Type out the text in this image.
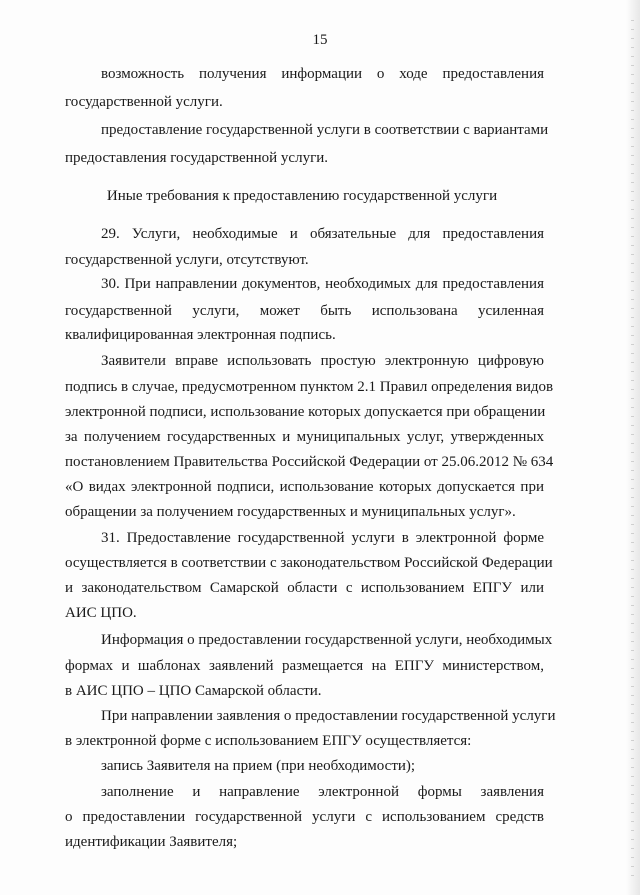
15
возможность получения информации о ходе предоставления
государственной услуги.
предоставление государственной услуги в соответствии с вариантами
предоставления государственной услуги.
Иные требования к предоставлению государственной услуги
29. Услуги, необходимые и обязательные для предоставления
государственной услуги, отсутствуют.
30. При направлении документов, необходимых для предоставления
государственной услуги, может быть использована усиленная
квалифицированная электронная подпись.
Заявители вправе использовать простую электронную цифровую
подпись в случае, предусмотренном пунктом 2.1 Правил определения видов
электронной подписи, использование которых допускается при обращении
за получением государственных и муниципальных услуг, утвержденных
постановлением Правительства Российской Федерации от 25.06.2012 № 634
«О видах электронной подписи, использование которых допускается при
обращении за получением государственных и муниципальных услуг».
31. Предоставление государственной услуги в электронной форме
осуществляется в соответствии с законодательством Российской Федерации
и законодательством Самарской области с использованием ЕПГУ или
АИС ЦПО.
Информация о предоставлении государственной услуги, необходимых
формах и шаблонах заявлений размещается на ЕПГУ министерством,
в АИС ЦПО – ЦПО Самарской области.
При направлении заявления о предоставлении государственной услуги
в электронной форме с использованием ЕПГУ осуществляется:
запись Заявителя на прием (при необходимости);
заполнение и направление электронной формы заявления
о предоставлении государственной услуги с использованием средств
идентификации Заявителя;
